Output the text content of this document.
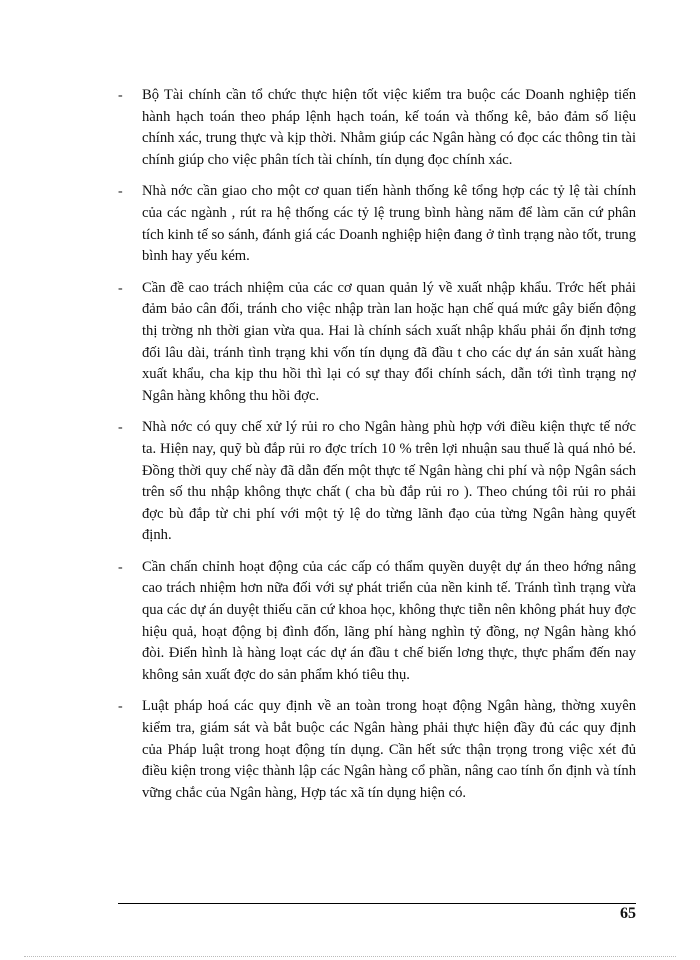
- Bộ Tài chính cần tổ chức thực hiện tốt việc kiểm tra buộc các Doanh nghiệp tiến hành hạch toán theo pháp lệnh hạch toán, kế toán và thống kê, bảo đảm số liệu chính xác, trung thực và kịp thời. Nhằm giúp các Ngân hàng có đọc các thông tin tài chính giúp cho việc phân tích tài chính, tín dụng đọc chính xác.

- Nhà nớc cần giao cho một cơ quan tiến hành thống kê tổng hợp các tỷ lệ tài chính của các ngành , rút ra hệ thống các tỷ lệ trung bình hàng năm để làm căn cứ phân tích kinh tế so sánh, đánh giá các Doanh nghiệp hiện đang ở tình trạng nào tốt, trung bình hay yếu kém.

- Cần đề cao trách nhiệm của các cơ quan quản lý về xuất nhập khẩu. Trớc hết phải đảm bảo cân đối, tránh cho việc nhập tràn lan hoặc hạn chế quá mức gây biến động thị trờng nh thời gian vừa qua. Hai là chính sách xuất nhập khẩu phải ổn định tơng đối lâu dài, tránh tình trạng khi vốn tín dụng đã đầu t cho các dự án sản xuất hàng xuất khẩu, cha kịp thu hồi thì lại có sự thay đổi chính sách, dẫn tới tình trạng nợ Ngân hàng không thu hồi đợc.

- Nhà nớc có quy chế xử lý rủi ro cho Ngân hàng phù hợp với điều kiện thực tế nớc ta. Hiện nay, quỹ bù đắp rủi ro đợc trích 10 % trên lợi nhuận sau thuế là quá nhỏ bé. Đồng thời quy chế này đã dẫn đến một thực tế Ngân hàng chi phí và nộp Ngân sách trên số thu nhập không thực chất ( cha bù đắp rủi ro ). Theo chúng tôi rủi ro phải đợc bù đắp từ chi phí với một tỷ lệ do từng lãnh đạo của từng Ngân hàng quyết định.

- Cần chấn chỉnh hoạt động của các cấp có thẩm quyền duyệt dự án theo hớng nâng cao trách nhiệm hơn nữa đối với sự phát triển của nền kinh tế. Tránh tình trạng vừa qua các dự án duyệt thiếu căn cứ khoa học, không thực tiễn nên không phát huy đợc hiệu quả, hoạt động bị đình đốn, lãng phí hàng nghìn tỷ đồng, nợ Ngân hàng khó đòi. Điển hình là hàng loạt các dự án đầu t chế biến lơng thực, thực phẩm đến nay không sản xuất đợc do sản phẩm khó tiêu thụ.

- Luật pháp hoá các quy định về an toàn trong hoạt động Ngân hàng, thờng xuyên kiểm tra, giám sát và bắt buộc các Ngân hàng phải thực hiện đầy đủ các quy định của Pháp luật trong hoạt động tín dụng. Cần hết sức thận trọng trong việc xét đủ điều kiện trong việc thành lập các Ngân hàng cổ phần, nâng cao tính ổn định và tính vững chắc của Ngân hàng, Hợp tác xã tín dụng hiện có.

65
